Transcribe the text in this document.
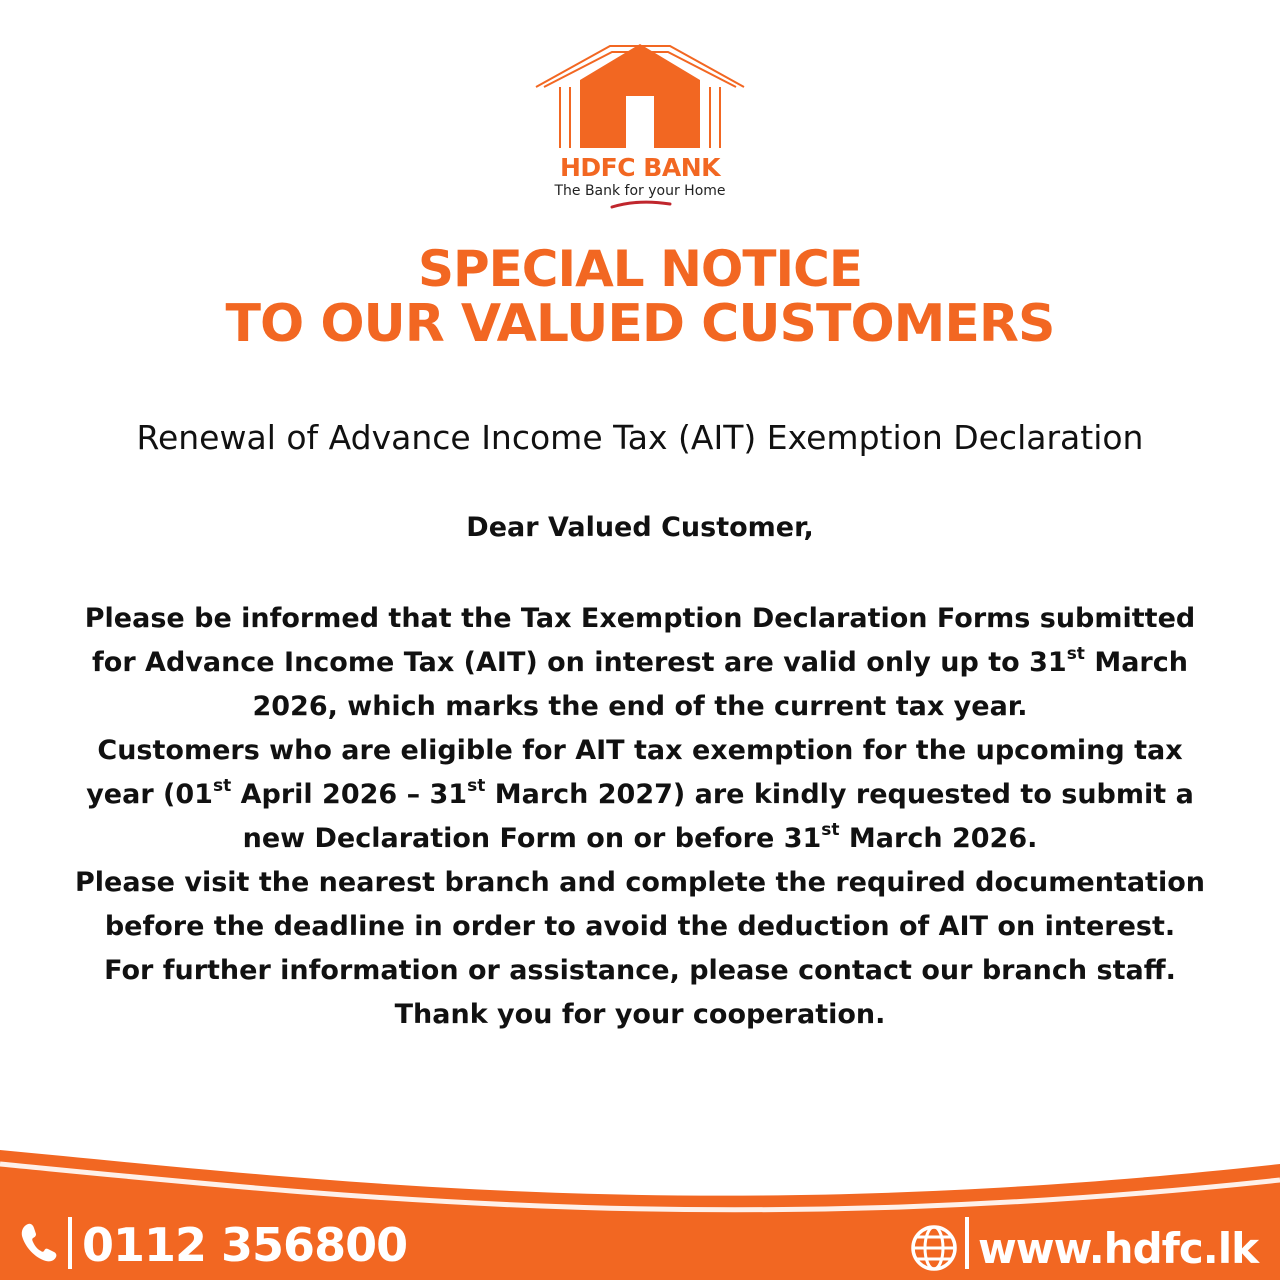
HDFC BANK
The Bank for your Home
SPECIAL NOTICE
TO OUR VALUED CUSTOMERS
Renewal of Advance Income Tax (AIT) Exemption Declaration
Dear Valued Customer,

Please be informed that the Tax Exemption Declaration Forms submitted for Advance Income Tax (AIT) on interest are valid only up to 31st March 2026, which marks the end of the current tax year.

Customers who are eligible for AIT tax exemption for the upcoming tax year (01st April 2026 – 31st March 2027) are kindly requested to submit a new Declaration Form on or before 31st March 2026.

Please visit the nearest branch and complete the required documentation before the deadline in order to avoid the deduction of AIT on interest.

For further information or assistance, please contact our branch staff.

Thank you for your cooperation.

0112 356800	www.hdfc.lk
